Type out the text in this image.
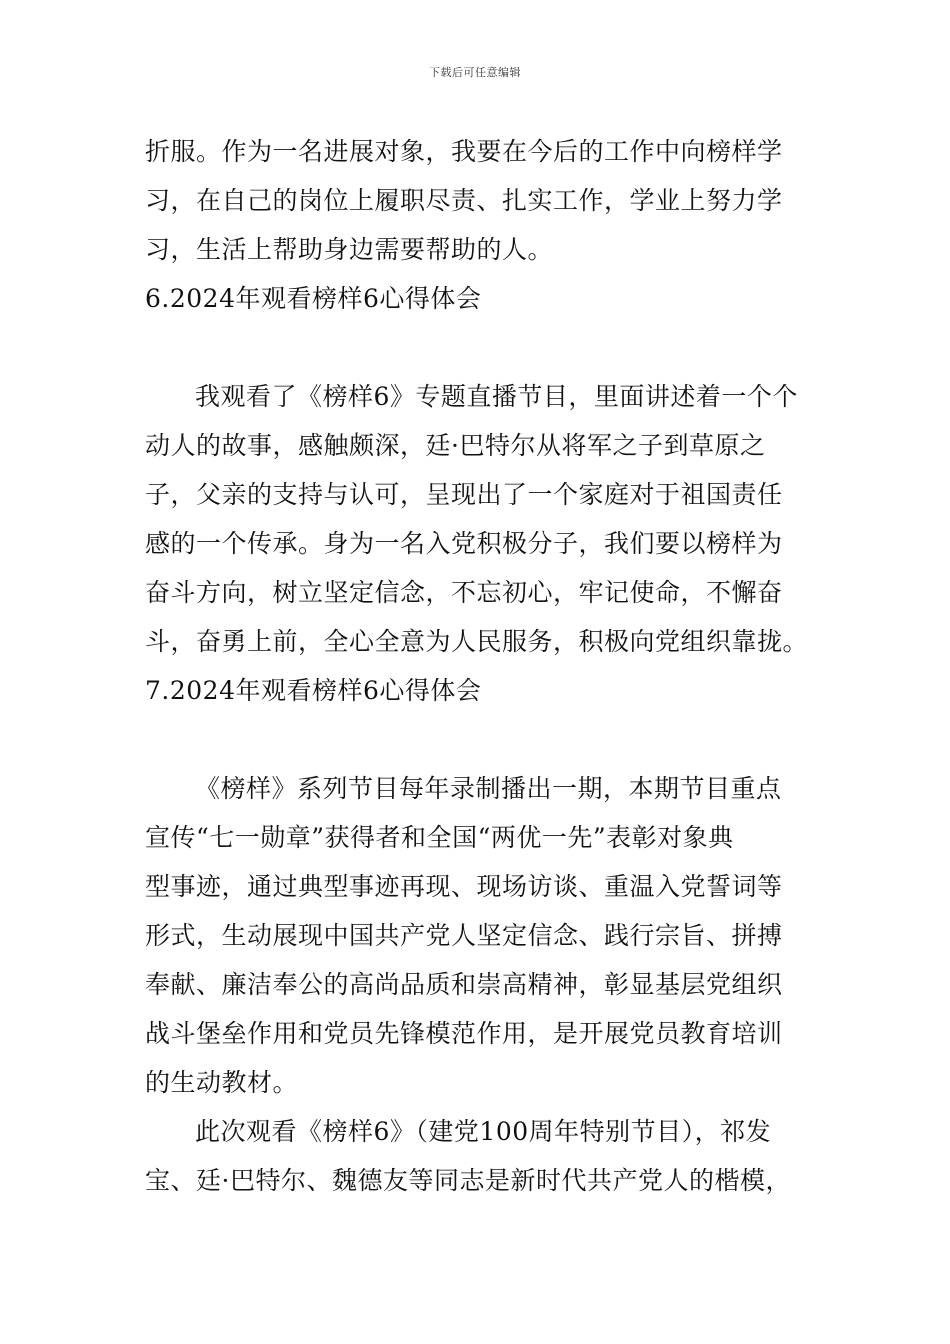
下载后可任意编辑
折服。作为一名进展对象，我要在今后的工作中向榜样学
习，在自己的岗位上履职尽责、扎实工作，学业上努力学
习，生活上帮助身边需要帮助的人。
6.2024年观看榜样6心得体会
我观看了《榜样6》专题直播节目，里面讲述着一个个
动人的故事，感触颇深，廷·巴特尔从将军之子到草原之
子，父亲的支持与认可，呈现出了一个家庭对于祖国责任
感的一个传承。身为一名入党积极分子，我们要以榜样为
奋斗方向，树立坚定信念，不忘初心，牢记使命，不懈奋
斗，奋勇上前，全心全意为人民服务，积极向党组织靠拢。
7.2024年观看榜样6心得体会
《榜样》系列节目每年录制播出一期，本期节目重点
宣传“七一勋章”获得者和全国“两优一先”表彰对象典
型事迹，通过典型事迹再现、现场访谈、重温入党誓词等
形式，生动展现中国共产党人坚定信念、践行宗旨、拼搏
奉献、廉洁奉公的高尚品质和崇高精神，彰显基层党组织
战斗堡垒作用和党员先锋模范作用，是开展党员教育培训
的生动教材。
此次观看《榜样6》（建党100周年特别节目），祁发
宝、廷·巴特尔、魏德友等同志是新时代共产党人的楷模，
